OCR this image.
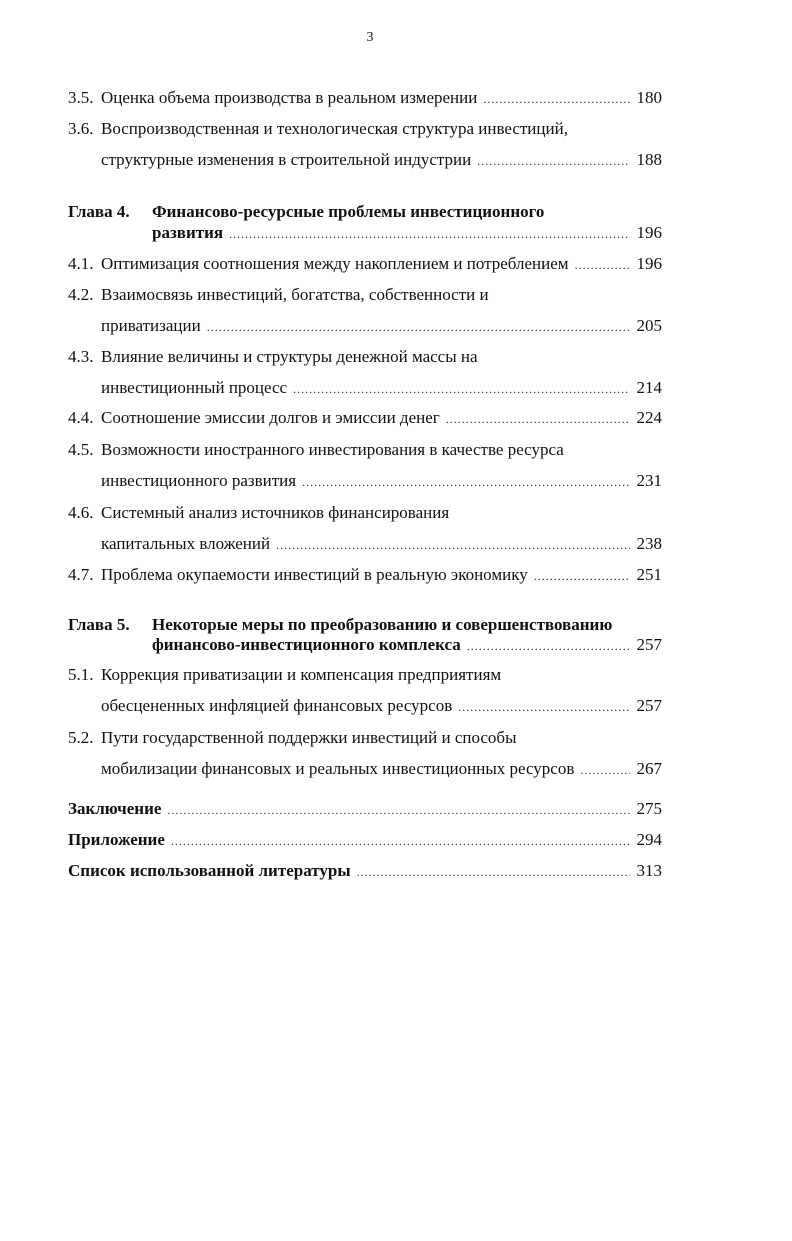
3
3.5. Оценка объема производства в реальном измерении .....	180
3.6. Воспроизводственная и технологическая структура инвестиций,
структурные изменения в строительной индустрии .....	188
Глава 4.	Финансово-ресурсные проблемы инвестиционного
развития .....	196
4.1. Оптимизация соотношения между накоплением и потреблением .....	196
4.2. Взаимосвязь инвестиций, богатства, собственности и
приватизации .....	205
4.3. Влияние величины и структуры денежной массы на
инвестиционный процесс .....	214
4.4. Соотношение эмиссии долгов и эмиссии денег .....	224
4.5. Возможности иностранного инвестирования в качестве ресурса
инвестиционного развития .....	231
4.6. Системный анализ источников финансирования
капитальных вложений .....	238
4.7. Проблема окупаемости инвестиций в реальную экономику .....	251
Глава 5.	Некоторые меры по преобразованию и совершенствованию
финансово-инвестиционного комплекса .....	257
5.1. Коррекция приватизации и компенсация предприятиям
обесцененных инфляцией финансовых ресурсов .....	257
5.2. Пути государственной поддержки инвестиций и способы
мобилизации финансовых и реальных инвестиционных ресурсов .....	267
Заключение .....	275
Приложение .....	294
Список использованной литературы .....	313
